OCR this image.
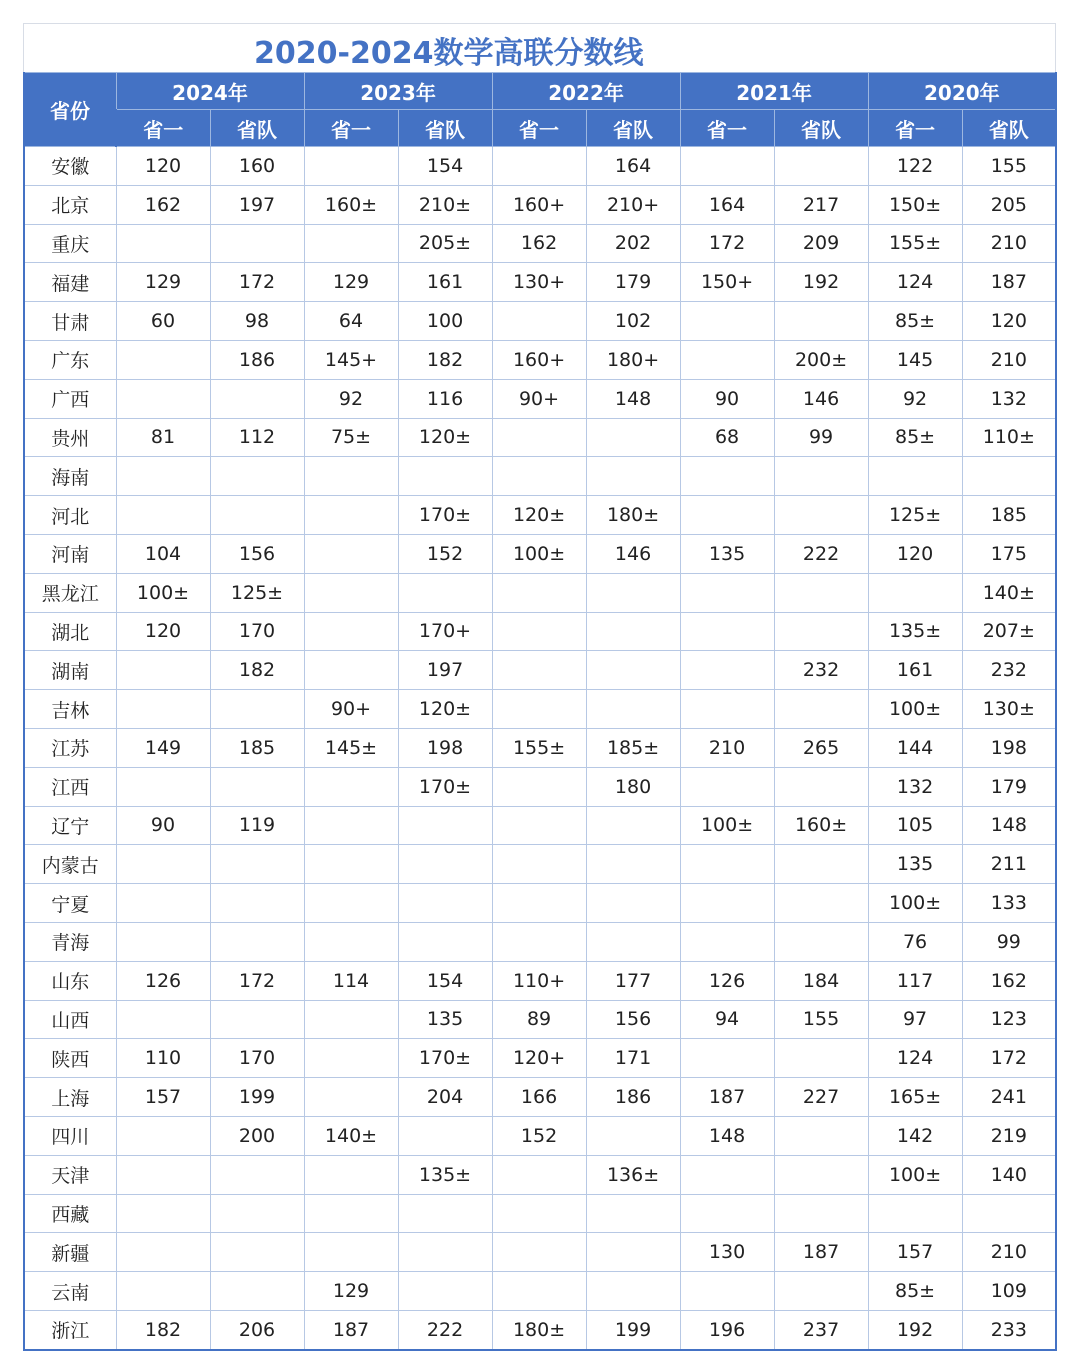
2020-2024数学高联分数线
省份	2024年		2023年		2022年		2021年		2020年	
	省一	省队	省一	省队	省一	省队	省一	省队	省一	省队
安徽	120	160		154		164			122	155
北京	162	197	160±	210±	160+	210+	164	217	150±	205
重庆				205±	162	202	172	209	155±	210
福建	129	172	129	161	130+	179	150+	192	124	187
甘肃	60	98	64	100		102			85±	120
广东		186	145+	182	160+	180+		200±	145	210
广西			92	116	90+	148	90	146	92	132
贵州	81	112	75±	120±			68	99	85±	110±
海南										
河北				170±	120±	180±			125±	185
河南	104	156		152	100±	146	135	222	120	175
黑龙江	100±	125±								140±
湖北	120	170		170+					135±	207±
湖南		182		197				232	161	232
吉林			90+	120±					100±	130±
江苏	149	185	145±	198	155±	185±	210	265	144	198
江西				170±		180			132	179
辽宁	90	119					100±	160±	105	148
内蒙古									135	211
宁夏									100±	133
青海									76	99
山东	126	172	114	154	110+	177	126	184	117	162
山西				135	89	156	94	155	97	123
陕西	110	170		170±	120+	171			124	172
上海	157	199		204	166	186	187	227	165±	241
四川		200	140±		152		148		142	219
天津				135±		136±			100±	140
西藏										
新疆							130	187	157	210
云南			129						85±	109
浙江	182	206	187	222	180±	199	196	237	192	233
